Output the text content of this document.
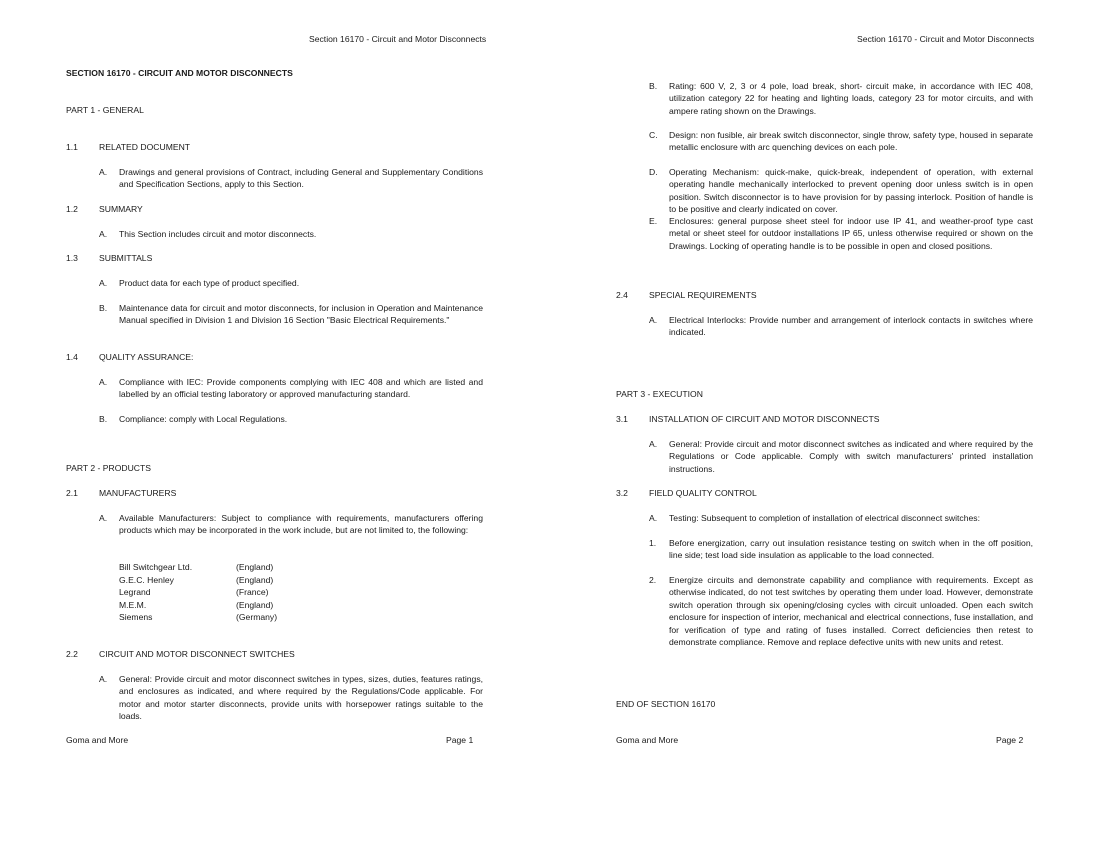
Section 16170 - Circuit and Motor Disconnects
SECTION 16170 - CIRCUIT AND MOTOR DISCONNECTS
PART 1 - GENERAL
1.1 RELATED DOCUMENT
A. Drawings and general provisions of Contract, including General and Supplementary Conditions and Specification Sections, apply to this Section.
1.2 SUMMARY
A. This Section includes circuit and motor disconnects.
1.3 SUBMITTALS
A. Product data for each type of product specified.
B. Maintenance data for circuit and motor disconnects, for inclusion in Operation and Maintenance Manual specified in Division 1 and Division 16 Section "Basic Electrical Requirements."
1.4 QUALITY ASSURANCE:
A. Compliance with IEC: Provide components complying with IEC 408 and which are listed and labelled by an official testing laboratory or approved manufacturing standard.
B. Compliance: comply with Local Regulations.
PART 2 - PRODUCTS
2.1 MANUFACTURERS
A. Available Manufacturers: Subject to compliance with requirements, manufacturers offering products which may be incorporated in the work include, but are not limited to, the following:
Bill Switchgear Ltd.	(England)
G.E.C. Henley	(England)
Legrand	(France)
M.E.M.	(England)
Siemens	(Germany)
2.2 CIRCUIT AND MOTOR DISCONNECT SWITCHES
A. General: Provide circuit and motor disconnect switches in types, sizes, duties, features ratings, and enclosures as indicated, and where required by the Regulations/Code applicable. For motor and motor starter disconnects, provide units with horsepower ratings suitable to the loads.
Goma and More	Page 1
Section 16170 - Circuit and Motor Disconnects
B. Rating: 600 V, 2, 3 or 4 pole, load break, short- circuit make, in accordance with IEC 408, utilization category 22 for heating and lighting loads, category 23 for motor circuits, and with ampere rating shown on the Drawings.
C. Design: non fusible, air break switch disconnector, single throw, safety type, housed in separate metallic enclosure with arc quenching devices on each pole.
D. Operating Mechanism: quick-make, quick-break, independent of operation, with external operating handle mechanically interlocked to prevent opening door unless switch is in open position. Switch disconnector is to have provision for by passing interlock. Position of handle is to be positive and clearly indicated on cover.
E. Enclosures: general purpose sheet steel for indoor use IP 41, and weather-proof type cast metal or sheet steel for outdoor installations IP 65, unless otherwise required or shown on the Drawings. Locking of operating handle is to be possible in open and closed positions.
2.4 SPECIAL REQUIREMENTS
A. Electrical Interlocks: Provide number and arrangement of interlock contacts in switches where indicated.
PART 3 - EXECUTION
3.1 INSTALLATION OF CIRCUIT AND MOTOR DISCONNECTS
A. General: Provide circuit and motor disconnect switches as indicated and where required by the Regulations or Code applicable. Comply with switch manufacturers' printed installation instructions.
3.2 FIELD QUALITY CONTROL
A. Testing: Subsequent to completion of installation of electrical disconnect switches:
1. Before energization, carry out insulation resistance testing on switch when in the off position, line side; test load side insulation as applicable to the load connected.
2. Energize circuits and demonstrate capability and compliance with requirements. Except as otherwise indicated, do not test switches by operating them under load. However, demonstrate switch operation through six opening/closing cycles with circuit unloaded. Open each switch enclosure for inspection of interior, mechanical and electrical connections, fuse installation, and for verification of type and rating of fuses installed. Correct deficiencies then retest to demonstrate compliance. Remove and replace defective units with new units and retest.
END OF SECTION 16170
Goma and More	Page 2
